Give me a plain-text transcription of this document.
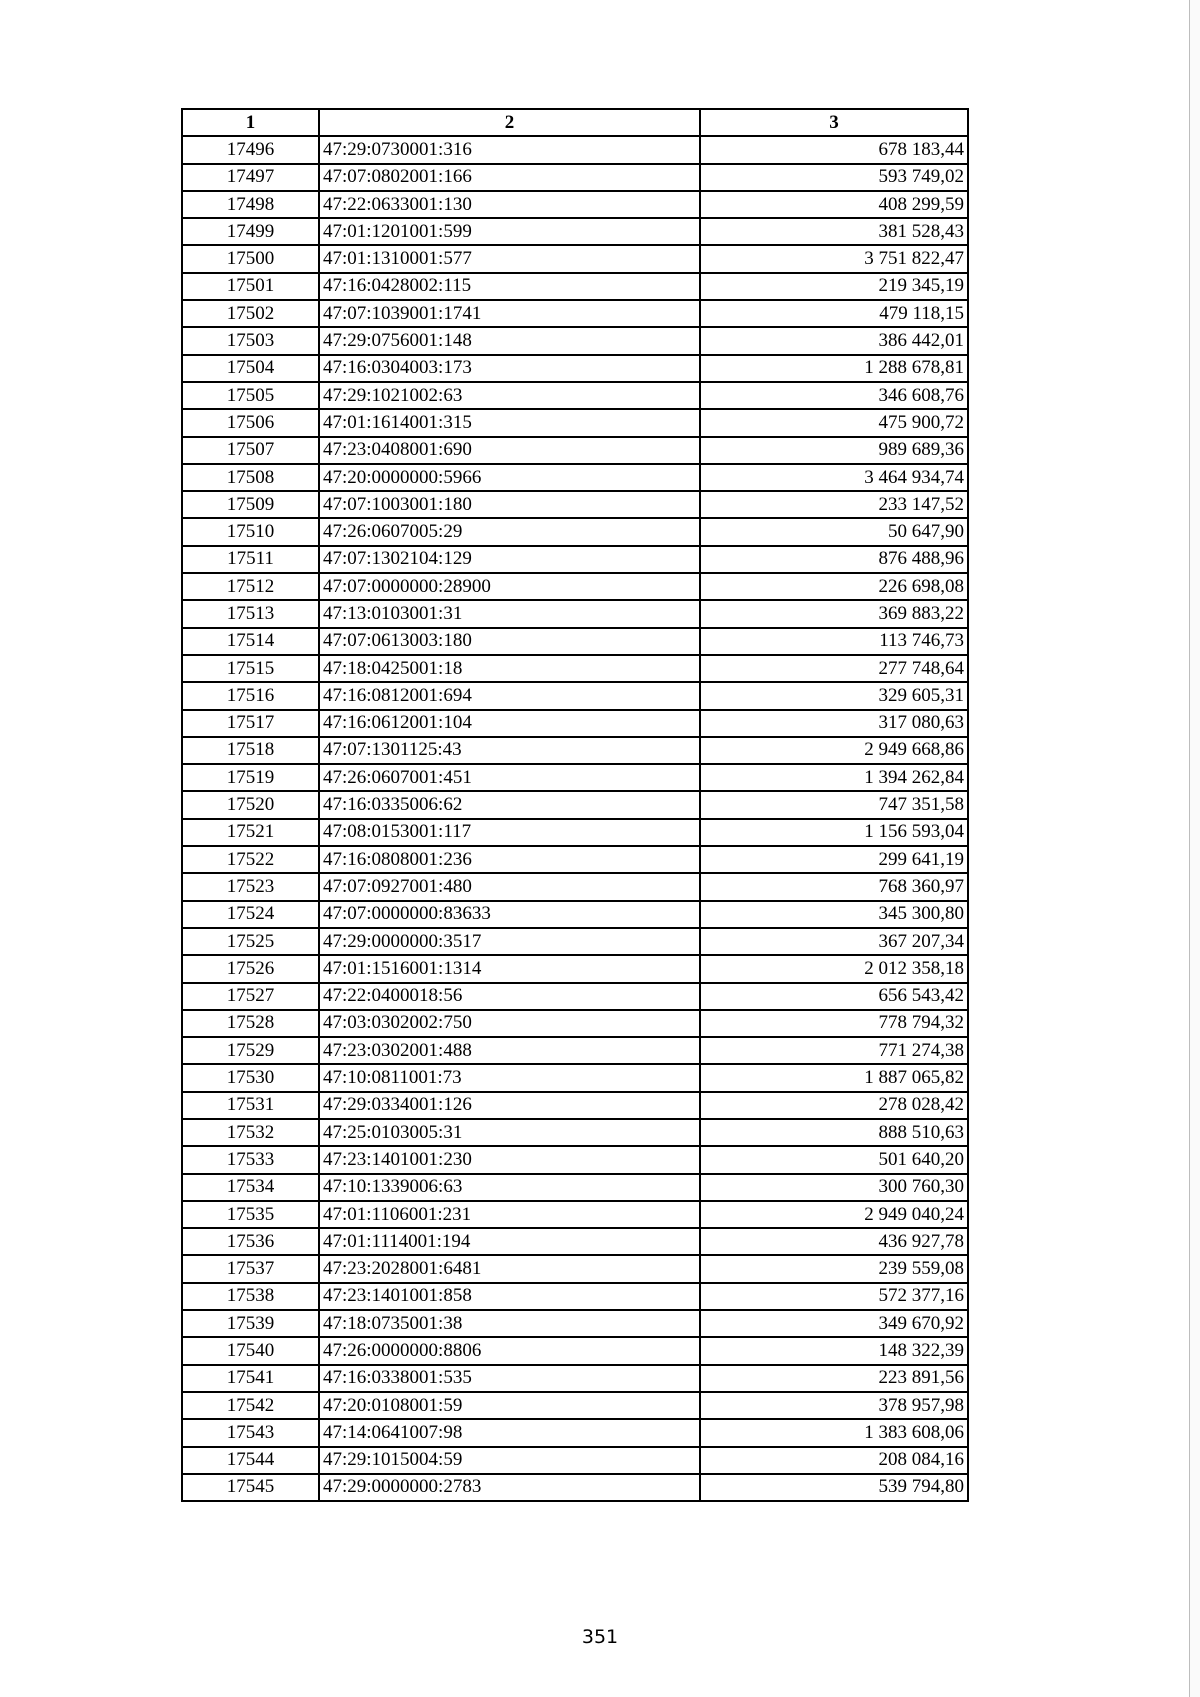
1	2	3
17496	47:29:0730001:316	678 183,44
17497	47:07:0802001:166	593 749,02
17498	47:22:0633001:130	408 299,59
17499	47:01:1201001:599	381 528,43
17500	47:01:1310001:577	3 751 822,47
17501	47:16:0428002:115	219 345,19
17502	47:07:1039001:1741	479 118,15
17503	47:29:0756001:148	386 442,01
17504	47:16:0304003:173	1 288 678,81
17505	47:29:1021002:63	346 608,76
17506	47:01:1614001:315	475 900,72
17507	47:23:0408001:690	989 689,36
17508	47:20:0000000:5966	3 464 934,74
17509	47:07:1003001:180	233 147,52
17510	47:26:0607005:29	50 647,90
17511	47:07:1302104:129	876 488,96
17512	47:07:0000000:28900	226 698,08
17513	47:13:0103001:31	369 883,22
17514	47:07:0613003:180	113 746,73
17515	47:18:0425001:18	277 748,64
17516	47:16:0812001:694	329 605,31
17517	47:16:0612001:104	317 080,63
17518	47:07:1301125:43	2 949 668,86
17519	47:26:0607001:451	1 394 262,84
17520	47:16:0335006:62	747 351,58
17521	47:08:0153001:117	1 156 593,04
17522	47:16:0808001:236	299 641,19
17523	47:07:0927001:480	768 360,97
17524	47:07:0000000:83633	345 300,80
17525	47:29:0000000:3517	367 207,34
17526	47:01:1516001:1314	2 012 358,18
17527	47:22:0400018:56	656 543,42
17528	47:03:0302002:750	778 794,32
17529	47:23:0302001:488	771 274,38
17530	47:10:0811001:73	1 887 065,82
17531	47:29:0334001:126	278 028,42
17532	47:25:0103005:31	888 510,63
17533	47:23:1401001:230	501 640,20
17534	47:10:1339006:63	300 760,30
17535	47:01:1106001:231	2 949 040,24
17536	47:01:1114001:194	436 927,78
17537	47:23:2028001:6481	239 559,08
17538	47:23:1401001:858	572 377,16
17539	47:18:0735001:38	349 670,92
17540	47:26:0000000:8806	148 322,39
17541	47:16:0338001:535	223 891,56
17542	47:20:0108001:59	378 957,98
17543	47:14:0641007:98	1 383 608,06
17544	47:29:1015004:59	208 084,16
17545	47:29:0000000:2783	539 794,80
351
